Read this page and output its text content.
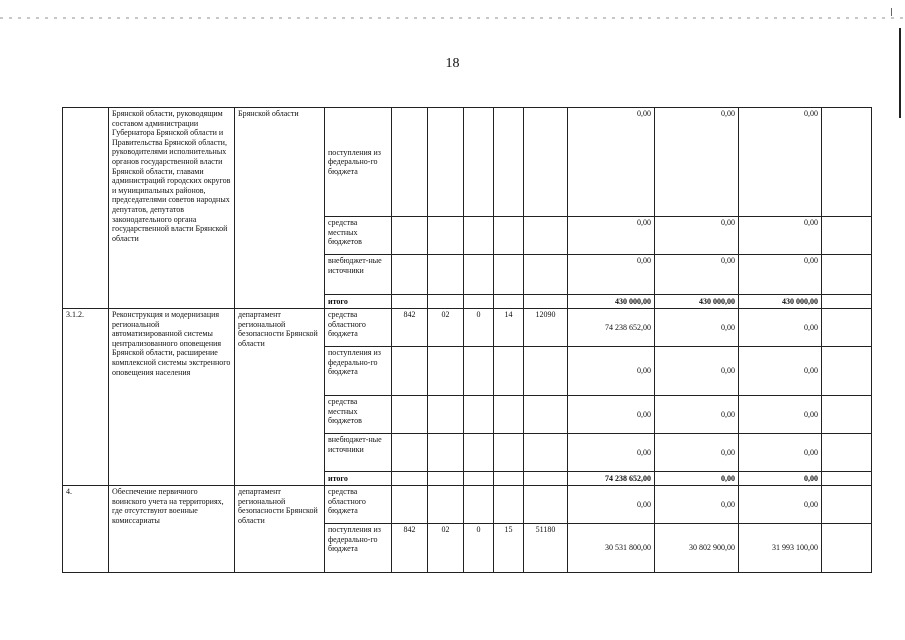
18
	Брянской области, руководящим составом администрации Губернатора Брянской области и Правительства Брянской области, руководителями исполнительных органов государственной власти Брянской области, главами администраций городских округов и муниципальных районов, председателями советов народных депутатов, депутатов законодательного органа государственной власти Брянской области	Брянской области	поступления из федерально-го бюджета						0,00	0,00	0,00	
			средства местных бюджетов						0,00	0,00	0,00	
			внебюджет-ные источники						0,00	0,00	0,00	
			итого						430 000,00	430 000,00	430 000,00	
3.1.2.	Реконструкция и модернизация региональной автоматизированной системы централизованного оповещения Брянской области, расширение комплексной системы экстренного оповещения населения	департамент региональной безопасности Брянской области	средства областного бюджета	842	02	0	14	12090	74 238 652,00	0,00	0,00	
			поступления из федерально-го бюджета						0,00	0,00	0,00	
			средства местных бюджетов						0,00	0,00	0,00	
			внебюджет-ные источники						0,00	0,00	0,00	
			итого						74 238 652,00	0,00	0,00	
4.	Обеспечение первичного воинского учета на территориях, где отсутствуют военные комиссариаты	департамент региональной безопасности Брянской области	средства областного бюджета						0,00	0,00	0,00	
			поступления из федерально-го бюджета	842	02	0	15	51180	30 531 800,00	30 802 900,00	31 993 100,00	
